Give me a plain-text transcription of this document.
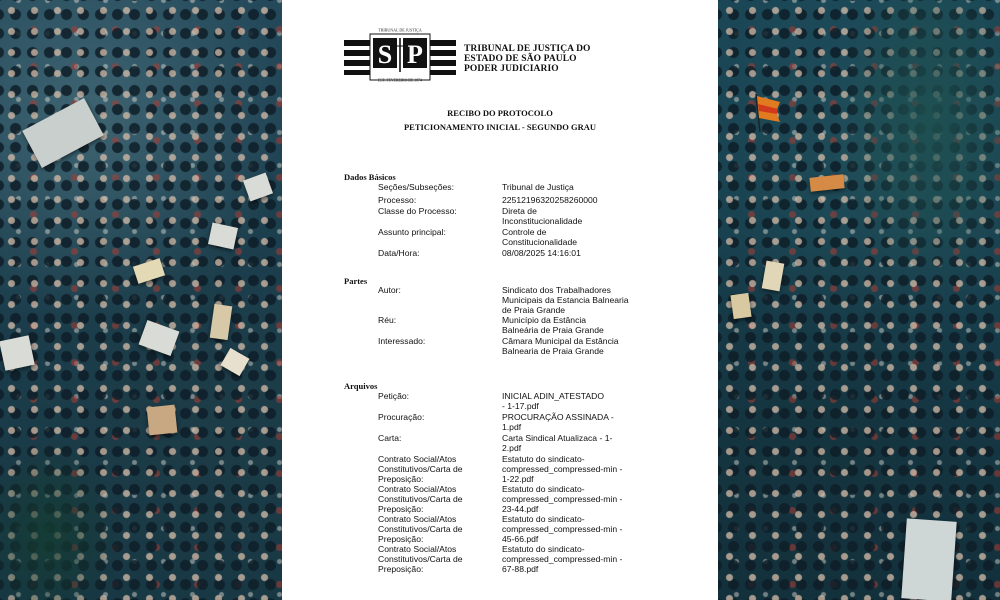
TRIBUNAL DE JUSTIÇA
S P
EST. FEVEREIRO DE 1874
TRIBUNAL DE JUSTIÇA DO
ESTADO DE SÃO PAULO
PODER JUDICIARIO
RECIBO DO PROTOCOLO
PETICIONAMENTO INICIAL - SEGUNDO GRAU
Dados Básicos
Seções/Subseções:	Tribunal de Justiça
Processo:	22512196320258260000
Classe do Processo:	Direta de Inconstitucionalidade
Assunto principal:	Controle de Constitucionalidade
Data/Hora:	08/08/2025 14:16:01
Partes
Autor:	Sindicato dos Trabalhadores Municipais da Estancia Balnearia de Praia Grande
Réu:	Município da Estância Balneária de Praia Grande
Interessado:	Câmara Municipal da Estância Balnearia de Praia Grande
Arquivos
Petição:	INICIAL ADIN_ATESTADO - 1-17.pdf
Procuração:	PROCURAÇÃO ASSINADA - 1.pdf
Carta:	Carta Sindical Atualizaca - 1-2.pdf
Contrato Social/Atos Constitutivos/Carta de Preposição:
Estatuto do sindicato-compressed_compressed-min - 1-22.pdf
Contrato Social/Atos Constitutivos/Carta de Preposição:
Estatuto do sindicato-compressed_compressed-min - 23-44.pdf
Contrato Social/Atos Constitutivos/Carta de Preposição:
Estatuto do sindicato-compressed_compressed-min - 45-66.pdf
Contrato Social/Atos Constitutivos/Carta de Preposição:
Estatuto do sindicato-compressed_compressed-min - 67-88.pdf
